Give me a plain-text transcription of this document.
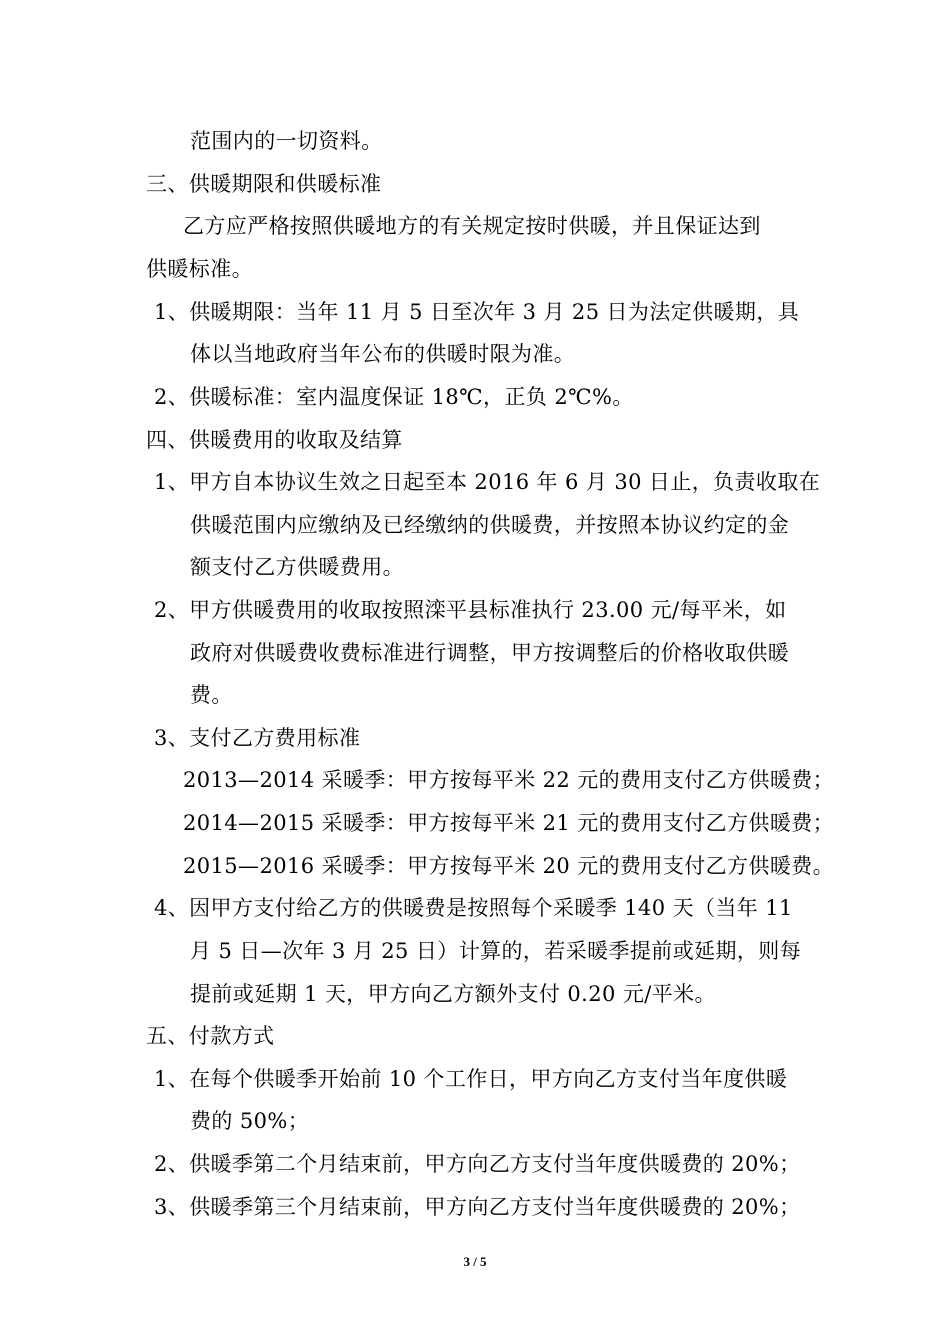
范围内的一切资料。
三、供暖期限和供暖标准
乙方应严格按照供暖地方的有关规定按时供暖，并且保证达到
供暖标准。
1、供暖期限：当年 11 月 5 日至次年 3 月 25 日为法定供暖期，具
体以当地政府当年公布的供暖时限为准。
2、供暖标准：室内温度保证 18℃，正负 2℃%。
四、供暖费用的收取及结算
1、甲方自本协议生效之日起至本 2016 年 6 月 30 日止，负责收取在
供暖范围内应缴纳及已经缴纳的供暖费，并按照本协议约定的金
额支付乙方供暖费用。
2、甲方供暖费用的收取按照滦平县标准执行 23.00 元/每平米，如
政府对供暖费收费标准进行调整，甲方按调整后的价格收取供暖
费。
3、支付乙方费用标准
2013—2014 采暖季：甲方按每平米 22 元的费用支付乙方供暖费；
2014—2015 采暖季：甲方按每平米 21 元的费用支付乙方供暖费；
2015—2016 采暖季：甲方按每平米 20 元的费用支付乙方供暖费。
4、因甲方支付给乙方的供暖费是按照每个采暖季 140 天（当年 11
月 5 日—次年 3 月 25 日）计算的，若采暖季提前或延期，则每
提前或延期 1 天，甲方向乙方额外支付 0.20 元/平米。
五、付款方式
1、在每个供暖季开始前 10 个工作日，甲方向乙方支付当年度供暖
费的 50%；
2、供暖季第二个月结束前，甲方向乙方支付当年度供暖费的 20%；
3、供暖季第三个月结束前，甲方向乙方支付当年度供暖费的 20%；
3 / 5
